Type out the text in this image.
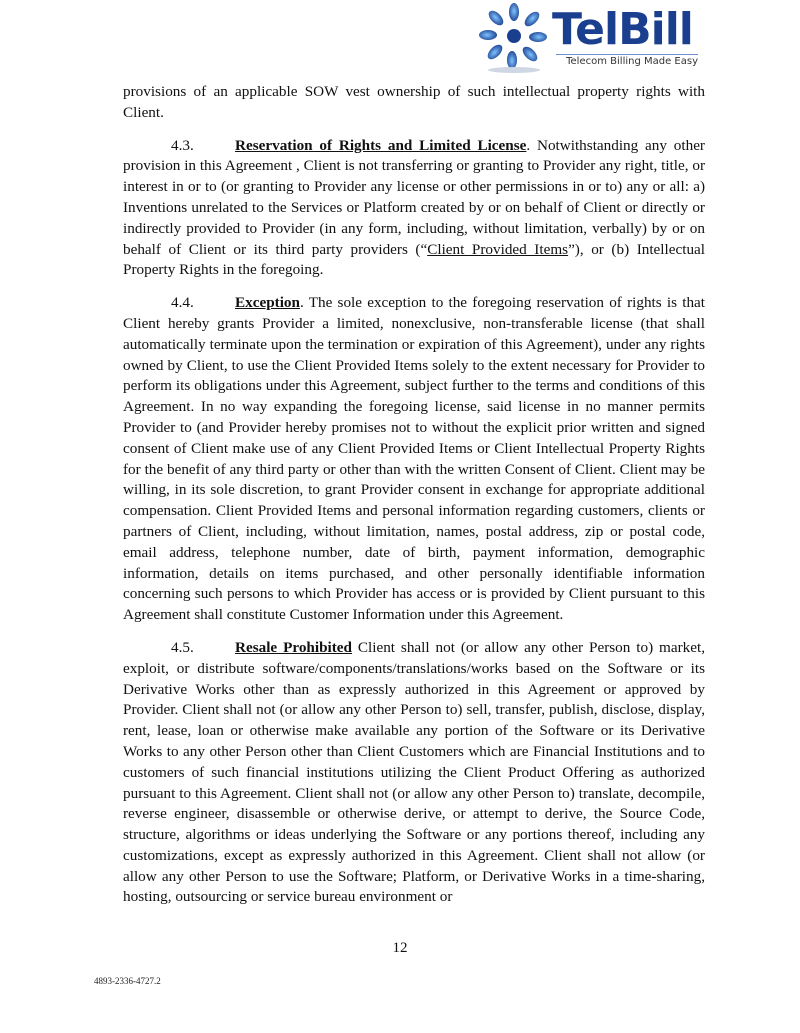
TelBill
Telecom Billing Made Easy

provisions of an applicable SOW vest ownership of such intellectual property rights with Client.

4.3.	Reservation of Rights and Limited License. Notwithstanding any other provision in this Agreement , Client is not transferring or granting to Provider any right, title, or interest in or to (or granting to Provider any license or other permissions in or to) any or all: a) Inventions unrelated to the Services or Platform created by or on behalf of Client or directly or indirectly provided to Provider (in any form, including, without limitation, verbally) by or on behalf of Client or its third party providers (“Client Provided Items”), or (b) Intellectual Property Rights in the foregoing.

4.4.	Exception. The sole exception to the foregoing reservation of rights is that Client hereby grants Provider a limited, nonexclusive, non-transferable license (that shall automatically terminate upon the termination or expiration of this Agreement), under any rights owned by Client, to use the Client Provided Items solely to the extent necessary for Provider to perform its obligations under this Agreement, subject further to the terms and conditions of this Agreement. In no way expanding the foregoing license, said license in no manner permits Provider to (and Provider hereby promises not to without the explicit prior written and signed consent of Client make use of any Client Provided Items or Client Intellectual Property Rights for the benefit of any third party or other than with the written Consent of Client. Client may be willing, in its sole discretion, to grant Provider consent in exchange for appropriate additional compensation. Client Provided Items and personal information regarding customers, clients or partners of Client, including, without limitation, names, postal address, zip or postal code, email address, telephone number, date of birth, payment information, demographic information, details on items purchased, and other personally identifiable information concerning such persons to which Provider has access or is provided by Client pursuant to this Agreement shall constitute Customer Information under this Agreement.

4.5.	Resale Prohibited Client shall not (or allow any other Person to) market, exploit, or distribute software/components/translations/works based on the Software or its Derivative Works other than as expressly authorized in this Agreement or approved by Provider. Client shall not (or allow any other Person to) sell, transfer, publish, disclose, display, rent, lease, loan or otherwise make available any portion of the Software or its Derivative Works to any other Person other than Client Customers which are Financial Institutions and to customers of such financial institutions utilizing the Client Product Offering as authorized pursuant to this Agreement. Client shall not (or allow any other Person to) translate, decompile, reverse engineer, disassemble or otherwise derive, or attempt to derive, the Source Code, structure, algorithms or ideas underlying the Software or any portions thereof, including any customizations, except as expressly authorized in this Agreement. Client shall not allow (or allow any other Person to use the Software; Platform, or Derivative Works in a time-sharing, hosting, outsourcing or service bureau environment or

12
4893-2336-4727.2
